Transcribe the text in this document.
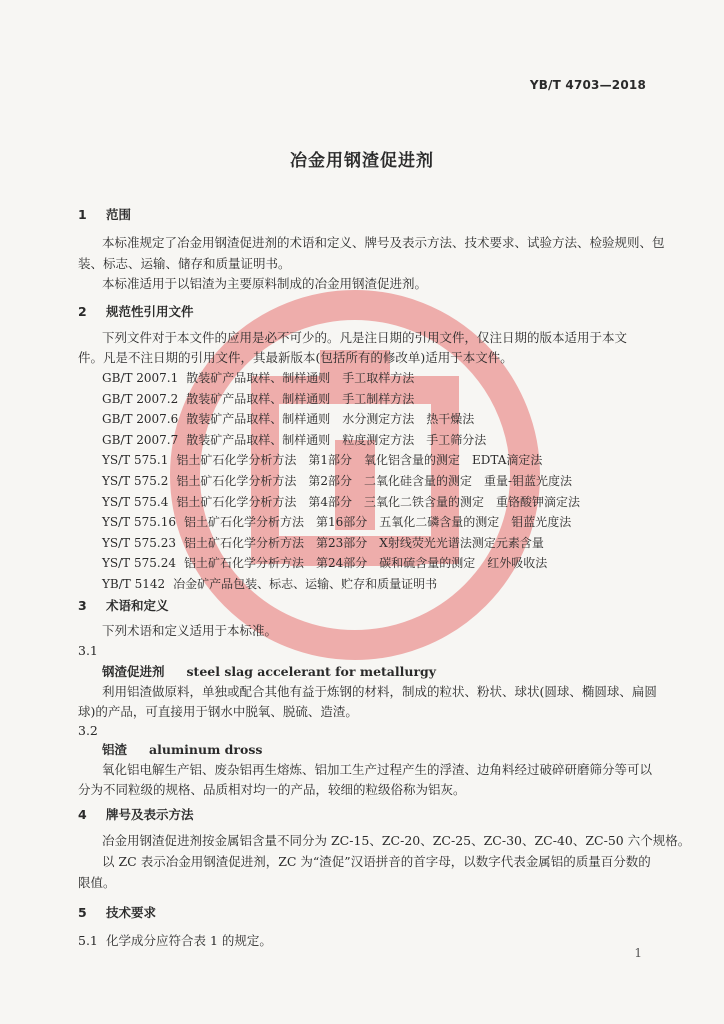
YB/T 4703—2018
冶金用钢渣促进剂
1 范围
本标准规定了冶金用钢渣促进剂的术语和定义、牌号及表示方法、技术要求、试验方法、检验规则、包
装、标志、运输、储存和质量证明书。
本标准适用于以铝渣为主要原料制成的冶金用钢渣促进剂。
2 规范性引用文件
下列文件对于本文件的应用是必不可少的。凡是注日期的引用文件，仅注日期的版本适用于本文
件。凡是不注日期的引用文件，其最新版本(包括所有的修改单)适用于本文件。
GB/T 2007.1 散装矿产品取样、制样通则　手工取样方法
GB/T 2007.2 散装矿产品取样、制样通则　手工制样方法
GB/T 2007.6 散装矿产品取样、制样通则　水分测定方法　热干燥法
GB/T 2007.7 散装矿产品取样、制样通则　粒度测定方法　手工筛分法
YS/T 575.1 铝土矿石化学分析方法　第1部分　氧化铝含量的测定　EDTA滴定法
YS/T 575.2 铝土矿石化学分析方法　第2部分　二氧化硅含量的测定　重量-钼蓝光度法
YS/T 575.4 铝土矿石化学分析方法　第4部分　三氧化二铁含量的测定　重铬酸钾滴定法
YS/T 575.16 铝土矿石化学分析方法　第16部分　五氧化二磷含量的测定　钼蓝光度法
YS/T 575.23 铝土矿石化学分析方法　第23部分　X射线荧光光谱法测定元素含量
YS/T 575.24 铝土矿石化学分析方法　第24部分　碳和硫含量的测定　红外吸收法
YB/T 5142 冶金矿产品包装、标志、运输、贮存和质量证明书
3 术语和定义
下列术语和定义适用于本标准。
3.1
钢渣促进剂 steel slag accelerant for metallurgy
利用铝渣做原料，单独或配合其他有益于炼钢的材料，制成的粒状、粉状、球状(圆球、椭圆球、扁圆
球)的产品，可直接用于钢水中脱氧、脱硫、造渣。
3.2
铝渣 aluminum dross
氧化铝电解生产铝、废杂铝再生熔炼、铝加工生产过程产生的浮渣、边角料经过破碎研磨筛分等可以
分为不同粒级的规格、品质相对均一的产品，较细的粒级俗称为铝灰。
4 牌号及表示方法
冶金用钢渣促进剂按金属铝含量不同分为 ZC-15、ZC-20、ZC-25、ZC-30、ZC-40、ZC-50 六个规格。
以 ZC 表示冶金用钢渣促进剂，ZC 为“渣促”汉语拼音的首字母，以数字代表金属铝的质量百分数的
限值。
5 技术要求
5.1 化学成分应符合表 1 的规定。
1
